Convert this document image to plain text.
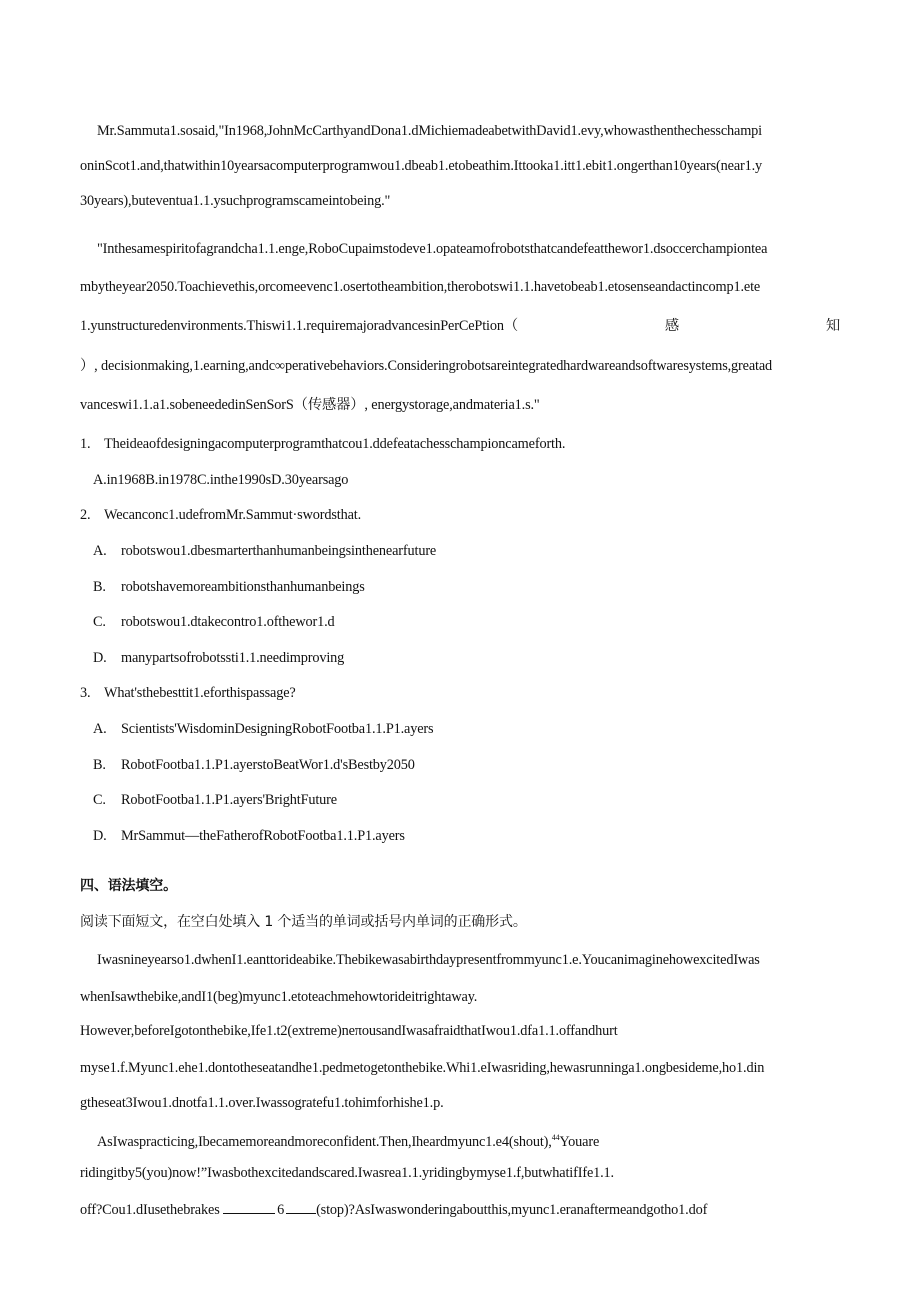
Mr.Sammuta1.sosaid,"In1968,JohnMcCarthyandDona1.dMichiemadeabetwithDavid1.evy,whowasthenthechesschampi
oninScot1.and,thatwithin10yearsacomputerprogramwou1.dbeab1.etobeathim.Ittooka1.itt1.ebit1.ongerthan10years(near1.y
30years),buteventua1.1.ysuchprogramscameintobeing."
"Inthesamespiritofagrandcha1.1.enge,RoboCupaimstodeve1.opateamofrobotsthatcandefeatthewor1.dsoccerchampiontea
mbytheyear2050.Toachievethis,orcomeevenc1.osertotheambition,therobotswi1.1.havetobeab1.etosenseandactincomp1.ete
1.yunstructuredenvironments.Thiswi1.1.requiremajoradvancesinPerCePtion（	感	知
）, decisionmaking,1.earning,andc∞perativebehaviors.Consideringrobotsareintegratedhardwareandsoftwaresystems,greatad
vanceswi1.1.a1.sobeneededinSenSorS（传感器）, energystorage,andmateria1.s."
1. Theideaofdesigningacomputerprogramthatcou1.ddefeatachesschampioncameforth.
A.in1968B.in1978C.inthe1990sD.30yearsago
2. Wecanconc1.udefromMr.Sammut·swordsthat.
A. robotswou1.dbesmarterthanhumanbeingsinthenearfuture
B. robotshavemoreambitionsthanhumanbeings
C. robotswou1.dtakecontro1.ofthewor1.d
D. manypartsofrobotssti1.1.needimproving
3. What'sthebesttit1.eforthispassage?
A. Scientists'WisdominDesigningRobotFootba1.1.P1.ayers
B. RobotFootba1.1.P1.ayerstoBeatWor1.d'sBestby2050
C. RobotFootba1.1.P1.ayers'BrightFuture
D. MrSammut—theFatherofRobotFootba1.1.P1.ayers
四、语法填空。
阅读下面短文，在空白处填入 1 个适当的单词或括号内单词的正确形式。
Iwasnineyearso1.dwhenI1.eanttorideabike.Thebikewasabirthdaypresentfrommyunc1.e.YoucanimaginehowexcitedIwas
whenIsawthebike,andI1(beg)myunc1.etoteachmehowtorideitrightaway.
However,beforeIgotonthebike,Ife1.t2(extreme)neπousandIwasafraidthatIwou1.dfa1.1.offandhurt
myse1.f.Myunc1.ehe1.dontotheseatandhe1.pedmetogetonthebike.Whi1.eIwasriding,hewasrunninga1.ongbesideme,ho1.din
gtheseat3Iwou1.dnotfa1.1.over.Iwassogratefu1.tohimforhishe1.p.
AsIwaspracticing,Ibecamemoreandmoreconfident.Then,Iheardmyunc1.e4(shout),$^{44}$Youare
ridingitby5(you)now!”Iwasbothexcitedandscared.Iwasrea1.1.yridingbymyse1.f,butwhatifIfe1.1.
off?Cou1.dIusethebrakes	6 (stop)?AsIwaswonderingaboutthis,myunc1.eranaftermeandgotho1.dof
